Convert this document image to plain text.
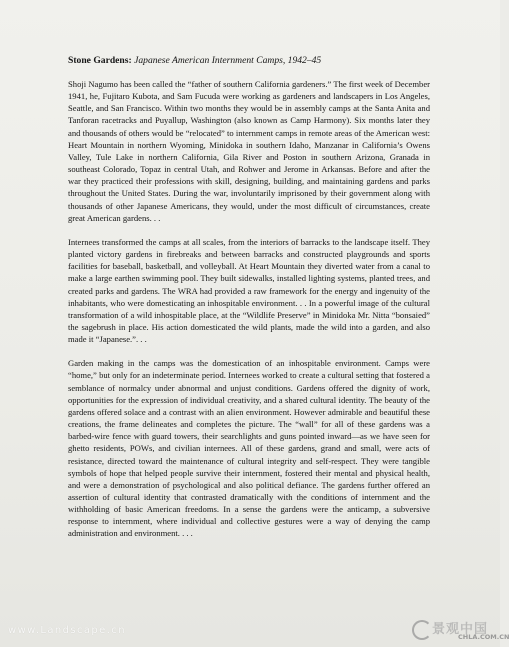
Stone Gardens: Japanese American Internment Camps, 1942–45

Shoji Nagumo has been called the “father of southern California gardeners.” The first week of December 1941, he, Fujitaro Kubota, and Sam Fucuda were working as gardeners and landscapers in Los Angeles, Seattle, and San Francisco. Within two months they would be in assembly camps at the Santa Anita and Tanforan racetracks and Puyallup, Washington (also known as Camp Harmony). Six months later they and thousands of others would be “relocated” to internment camps in remote areas of the American west: Heart Mountain in northern Wyoming, Minidoka in southern Idaho, Manzanar in California’s Owens Valley, Tule Lake in northern California, Gila River and Poston in southern Arizona, Granada in southeast Colorado, Topaz in central Utah, and Rohwer and Jerome in Arkansas. Before and after the war they practiced their professions with skill, designing, building, and maintaining gardens and parks throughout the United States. During the war, involuntarily imprisoned by their government along with thousands of other Japanese Americans, they would, under the most difficult of circumstances, create great American gardens. . .

Internees transformed the camps at all scales, from the interiors of barracks to the landscape itself. They planted victory gardens in firebreaks and between barracks and constructed playgrounds and sports facilities for baseball, basketball, and volleyball. At Heart Mountain they diverted water from a canal to make a large earthen swimming pool. They built sidewalks, installed lighting systems, planted trees, and created parks and gardens. The WRA had provided a raw framework for the energy and ingenuity of the inhabitants, who were domesticating an inhospitable environment. . . In a powerful image of the cultural transformation of a wild inhospitable place, at the “Wildlife Preserve” in Minidoka Mr. Nitta “bonsaied” the sagebrush in place. His action domesticated the wild plants, made the wild into a garden, and also made it “Japanese.”. . .

Garden making in the camps was the domestication of an inhospitable environment. Camps were “home,” but only for an indeterminate period. Internees worked to create a cultural setting that fostered a semblance of normalcy under abnormal and unjust conditions. Gardens offered the dignity of work, opportunities for the expression of individual creativity, and a shared cultural identity. The beauty of the gardens offered solace and a contrast with an alien environment. However admirable and beautiful these creations, the frame delineates and completes the picture. The “wall” for all of these gardens was a barbed-wire fence with guard towers, their searchlights and guns pointed inward—as we have seen for ghetto residents, POWs, and civilian internees. All of these gardens, grand and small, were acts of resistance, directed toward the maintenance of cultural integrity and self-respect. They were tangible symbols of hope that helped people survive their internment, fostered their mental and physical health, and were a demonstration of psychological and also political defiance. The gardens further offered an assertion of cultural identity that contrasted dramatically with the conditions of internment and the withholding of basic American freedoms. In a sense the gardens were the anticamp, a subversive response to internment, where individual and collective gestures were a way of denying the camp administration and environment. . . .

www.Landscape.cn	景观中国
CHLA.COM.CN
